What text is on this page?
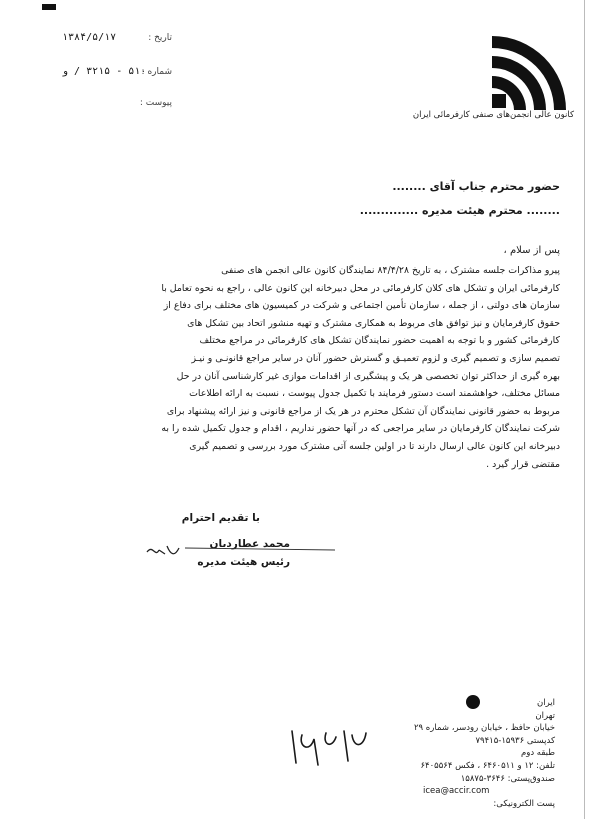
تاریخ :
۱۳۸۴/۵/۱۷
شماره :
۵۱۰ - ۳۲۱۵ / و
پیوست :
کانون عالی انجمن‌های صنفی کارفرمائی ایران
حضور محترم جناب آقای ........
........ محترم هیئت مدیره ..............
پس از سلام ،

پیرو مذاکرات جلسه مشترک ، به تاریخ ۸۴/۴/۲۸ نمایندگان کانون عالی انجمن های صنفی

کارفرمائی ایران و تشکل های کلان کارفرمائی در محل دبیرخانه این کانون عالی ، راجع به نحوه تعامل با

سازمان های دولتی ، از جمله ، سازمان تأمین اجتماعی و شرکت در کمیسیون های مختلف برای دفاع از

حقوق کارفرمایان و نیز توافق های مربوط به همکاری مشترک و تهیه منشور اتحاد بین تشکل های

کارفرمائی کشور و با توجه به اهمیت حضور نمایندگان تشکل های کارفرمائی در مراجع مختلف

تصمیم سازی و تصمیم گیری و لزوم تعمیـق و گسترش حضور آنان در سایر مراجع قانونـی و نیـز

بهره گیری از حداکثر توان تخصصی هر یک و پیشگیری از اقدامات موازی غیر کارشناسی آنان در حل

مسائل مختلف، خواهشمند است دستور فرمایند با تکمیل جدول پیوست ، نسبت به ارائه اطلاعات

مربوط به حضور قانونی نمایندگان آن تشکل محترم در هر یک از مراجع قانونی و نیز ارائه پیشنهاد برای

شرکت نمایندگان کارفرمایان در سایر مراجعی که در آنها حضور نداریم ، اقدام و جدول تکمیل شده را به

دبیرخانه این کانون عالی ارسال دارند تا در اولین جلسه آتی مشترک مورد بررسی و تصمیم گیری

مقتضی قرار گیرد .

با تقدیم احترام
محمد عطاردیان
رئیس هیئت مدیره
ایران
تهران
خیابان حافظ ، خیابان رودسر، شماره ۲۹
کدپستی ۱۵۹۳۶-۷۹۴۱۵
طبقه دوم
تلفن: ۱۲ و ۶۴۶۰۵۱۱ ، فکس ۶۴۰۵۵۶۴
صندوق‌پستی: ۳۶۴۶-۱۵۸۷۵
icea@accir.com
پست الکترونیکی:
